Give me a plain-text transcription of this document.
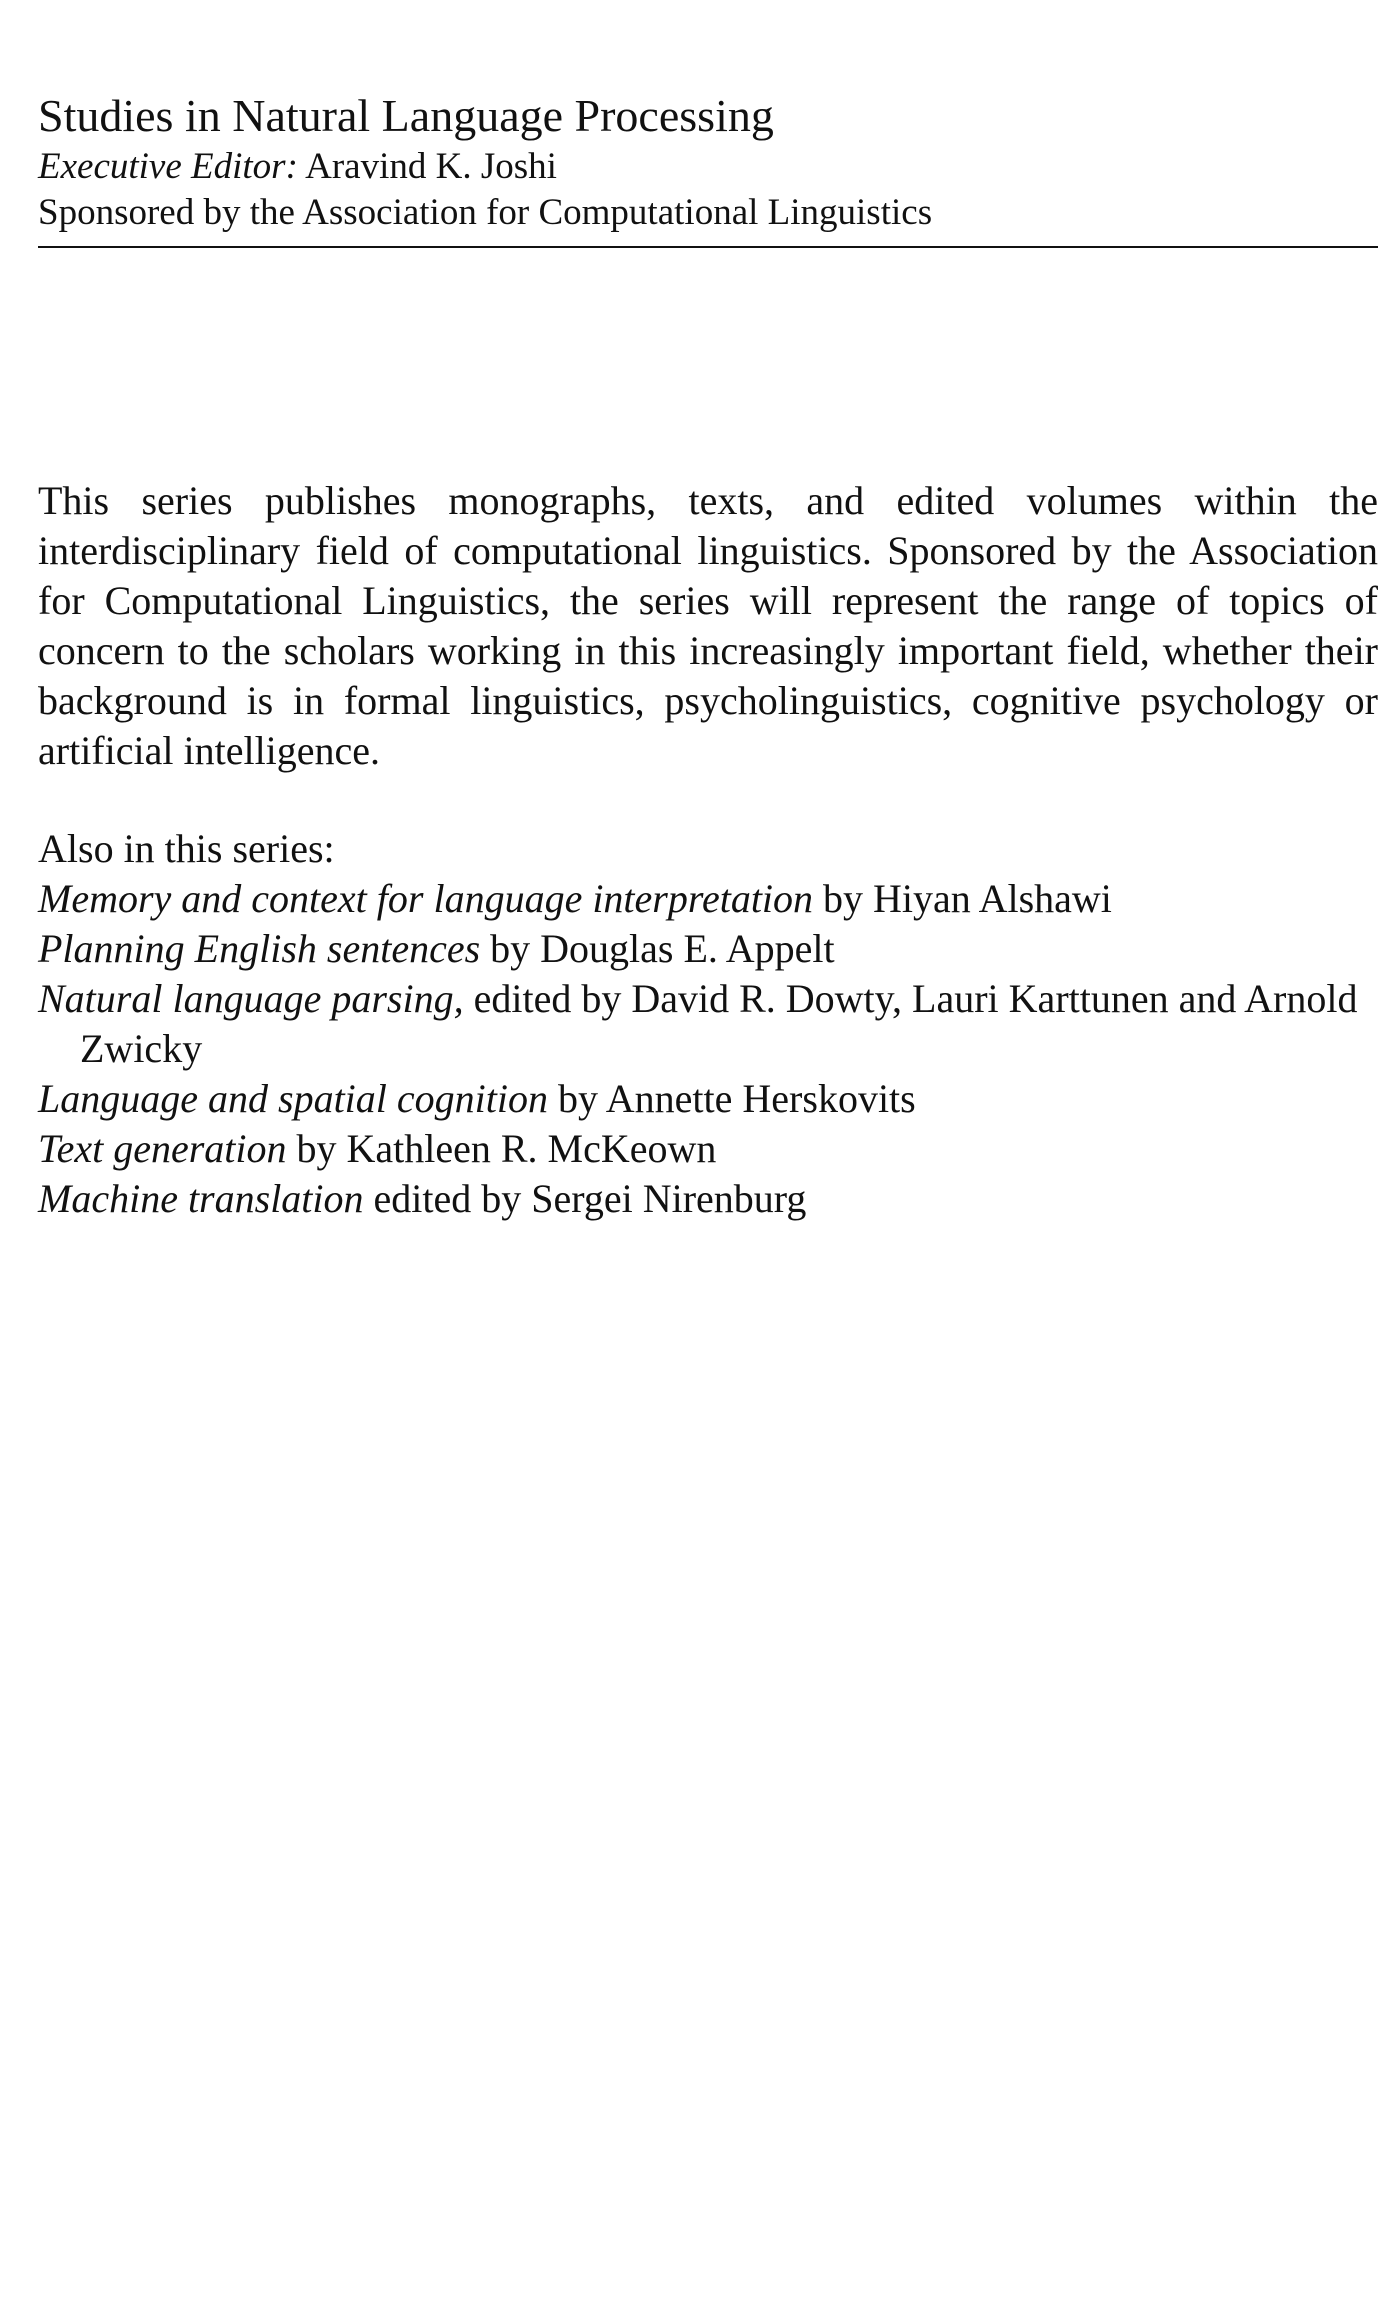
Studies in Natural Language Processing

Executive Editor: Aravind K. Joshi

Sponsored by the Association for Computational Linguistics

This series publishes monographs, texts, and edited volumes within the interdisciplinary field of computational linguistics. Sponsored by the Association for Computational Linguistics, the series will represent the range of topics of concern to the scholars working in this increasingly important field, whether their background is in formal linguistics, psycholinguistics, cognitive psychology or artificial intelligence.

Also in this series:

Memory and context for language interpretation by Hiyan Alshawi
Planning English sentences by Douglas E. Appelt
Natural language parsing, edited by David R. Dowty, Lauri Karttunen and Arnold Zwicky
Language and spatial cognition by Annette Herskovits
Text generation by Kathleen R. McKeown
Machine translation edited by Sergei Nirenburg
